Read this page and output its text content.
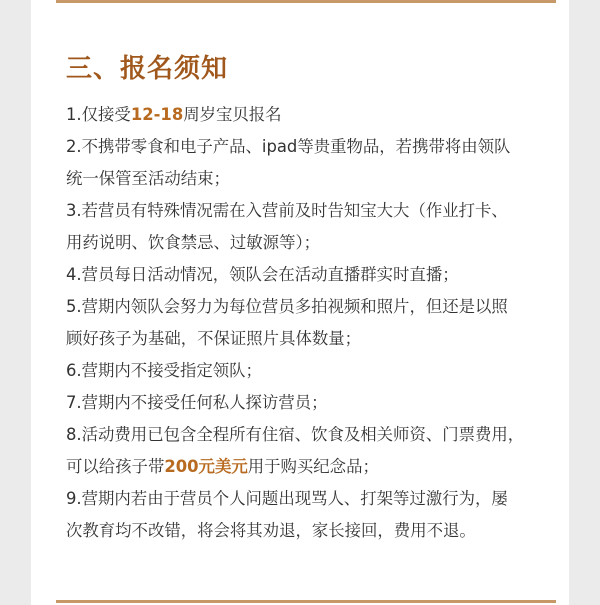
三、报名须知
1.仅接受12-18周岁宝贝报名
2.不携带零食和电子产品、ipad等贵重物品，若携带将由领队
统一保管至活动结束；
3.若营员有特殊情况需在入营前及时告知宝大大（作业打卡、
用药说明、饮食禁忌、过敏源等）；
4.营员每日活动情况，领队会在活动直播群实时直播；
5.营期内领队会努力为每位营员多拍视频和照片，但还是以照
顾好孩子为基础，不保证照片具体数量；
6.营期内不接受指定领队；
7.营期内不接受任何私人探访营员；
8.活动费用已包含全程所有住宿、饮食及相关师资、门票费用，
可以给孩子带200元美元用于购买纪念品；
9.营期内若由于营员个人问题出现骂人、打架等过激行为，屡
次教育均不改错，将会将其劝退，家长接回，费用不退。
